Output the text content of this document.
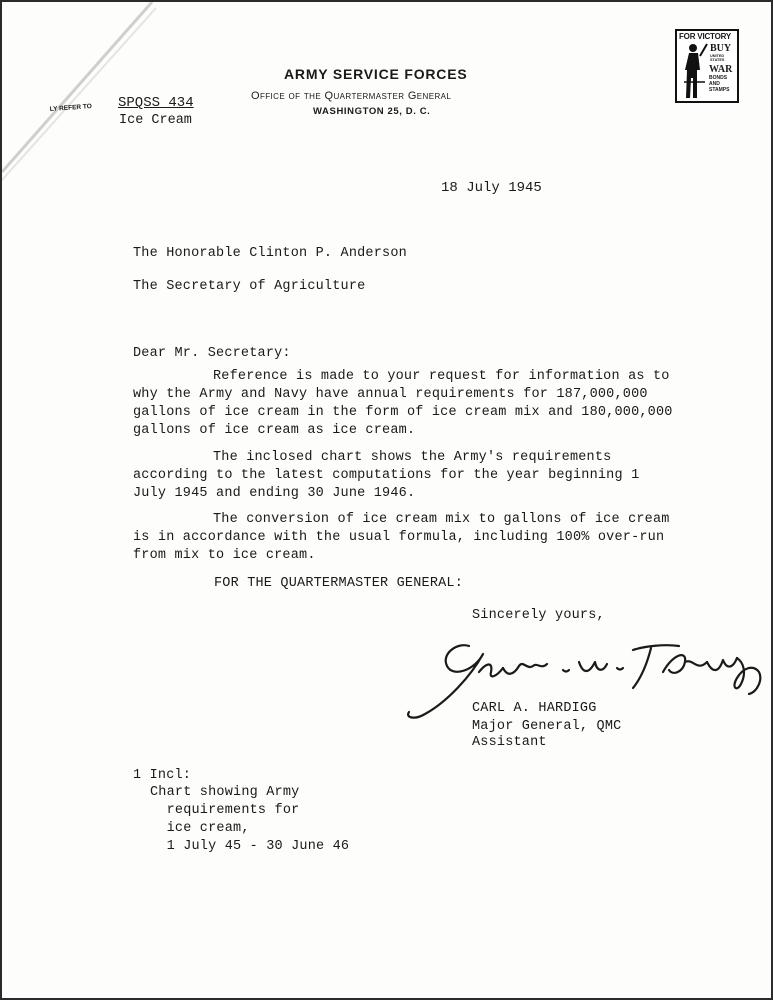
ARMY SERVICE FORCES
Office of the Quartermaster General
WASHINGTON 25, D. C.
LY REFER TO SPQSS 434
Ice Cream
FOR VICTORY
BUY
UNITED STATES
WAR
BONDS AND STAMPS
18 July 1945
The Honorable Clinton P. Anderson
The Secretary of Agriculture
Dear Mr. Secretary:
Reference is made to your request for information as to why the Army and Navy have annual requirements for 187,000,000 gallons of ice cream in the form of ice cream mix and 180,000,000 gallons of ice cream as ice cream.
The inclosed chart shows the Army's requirements according to the latest computations for the year beginning 1 July 1945 and ending 30 June 1946.
The conversion of ice cream mix to gallons of ice cream is in accordance with the usual formula, including 100% over-run from mix to ice cream.
FOR THE QUARTERMASTER GENERAL:
Sincerely yours,
CARL A. HARDIGG
Major General, QMC
Assistant
1 Incl:
Chart showing Army
requirements for
ice cream,
1 July 45 - 30 June 46
